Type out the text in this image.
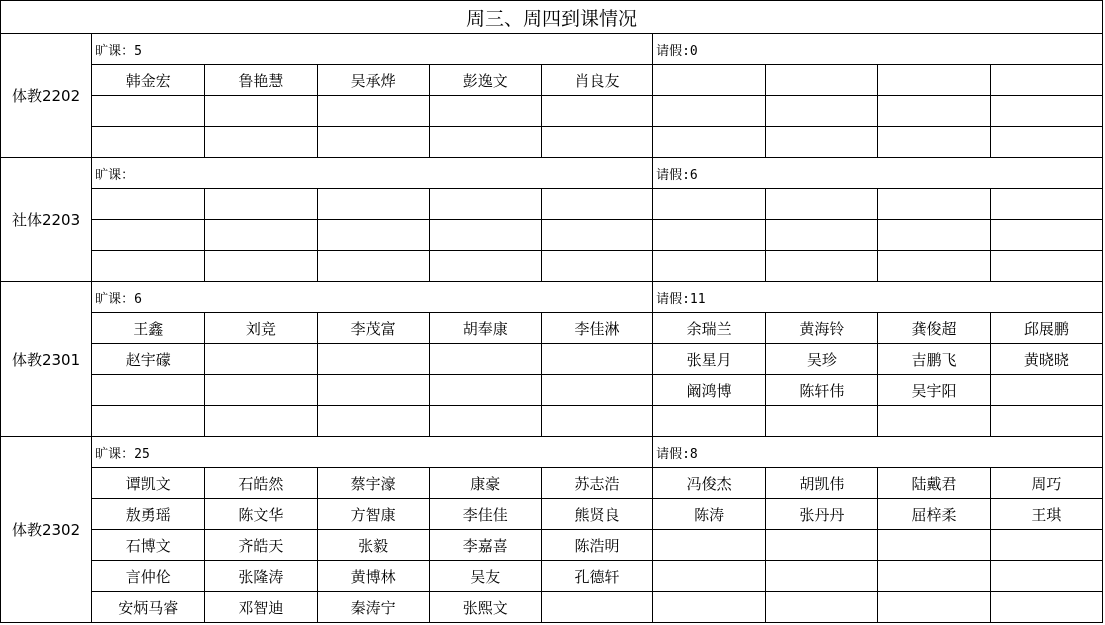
周三、周四到课情况									
体教2202	旷课：5					请假:0			
	韩金宏	鲁艳慧	吴承烨	彭逸文	肖良友				

社体2203	旷课：					请假:6			

体教2301	旷课：6					请假:11			
	王鑫	刘竞	李茂富	胡奉康	李佳淋	余瑞兰	黄海铃	龚俊超	邱展鹏
	赵宇礞					张星月	吴珍	吉鹏飞	黄晓晓
						阚鸿博	陈轩伟	吴宇阳	

体教2302	旷课：25					请假:8			
	谭凯文	石皓然	蔡宇濠	康豪	苏志浩	冯俊杰	胡凯伟	陆戴君	周巧
	敖勇瑶	陈文华	方智康	李佳佳	熊贤良	陈涛	张丹丹	屈梓柔	王琪
	石博文	齐皓天	张毅	李嘉喜	陈浩明				
	言仲伦	张隆涛	黄博林	吴友	孔德轩				
	安炳马睿	邓智迪	秦涛宁	张熙文					
